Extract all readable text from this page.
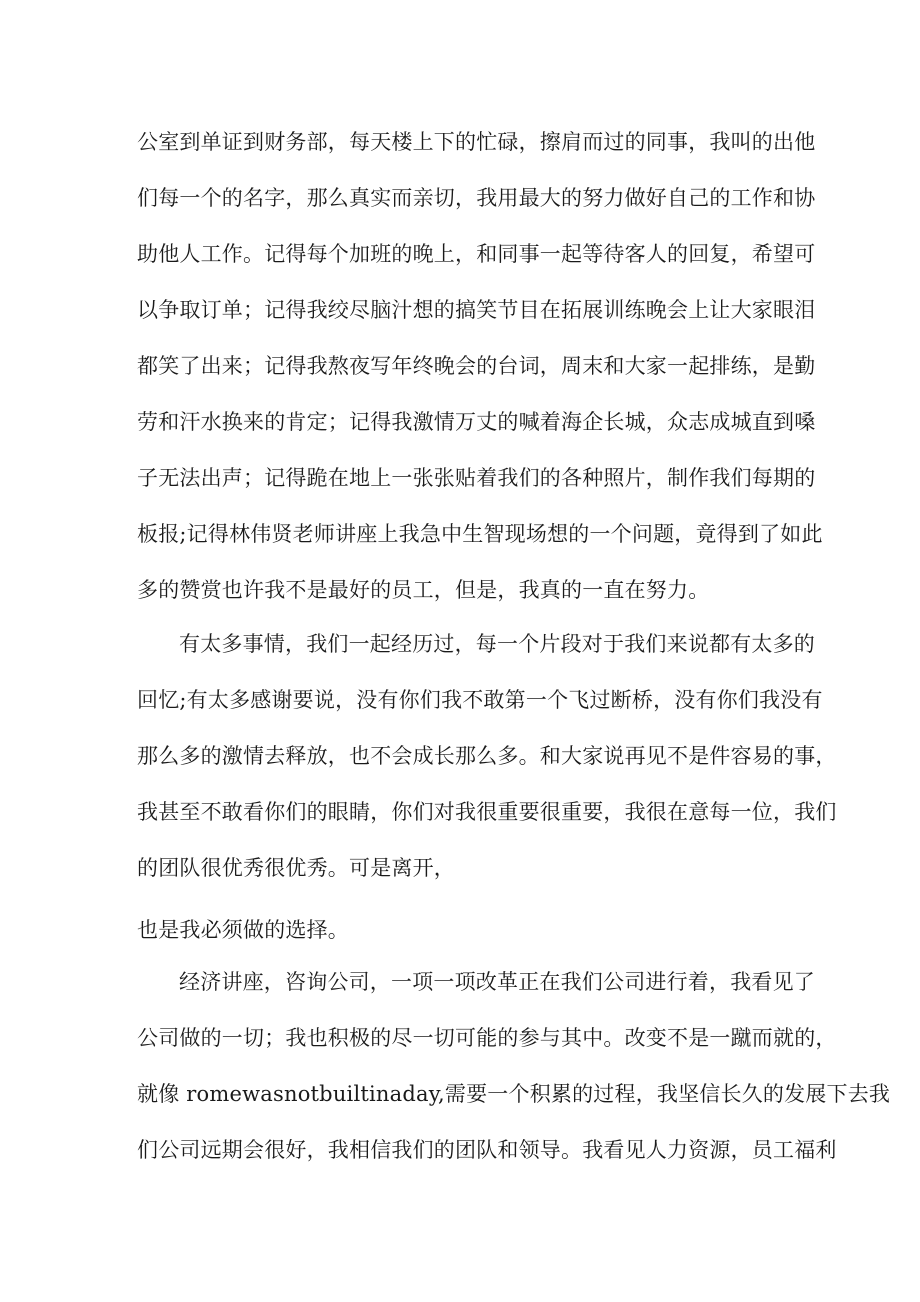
公室到单证到财务部，每天楼上下的忙碌，擦肩而过的同事，我叫的出他
们每一个的名字，那么真实而亲切，我用最大的努力做好自己的工作和协
助他人工作。记得每个加班的晚上，和同事一起等待客人的回复，希望可
以争取订单；记得我绞尽脑汁想的搞笑节目在拓展训练晚会上让大家眼泪
都笑了出来；记得我熬夜写年终晚会的台词，周末和大家一起排练，是勤
劳和汗水换来的肯定；记得我激情万丈的喊着海企长城，众志成城直到嗓
子无法出声；记得跪在地上一张张贴着我们的各种照片，制作我们每期的
板报;记得林伟贤老师讲座上我急中生智现场想的一个问题，竟得到了如此
多的赞赏也许我不是最好的员工，但是，我真的一直在努力。
有太多事情，我们一起经历过，每一个片段对于我们来说都有太多的
回忆;有太多感谢要说，没有你们我不敢第一个飞过断桥，没有你们我没有
那么多的激情去释放，也不会成长那么多。和大家说再见不是件容易的事，
我甚至不敢看你们的眼睛，你们对我很重要很重要，我很在意每一位，我们
的团队很优秀很优秀。可是离开，
也是我必须做的选择。
经济讲座，咨询公司，一项一项改革正在我们公司进行着，我看见了
公司做的一切；我也积极的尽一切可能的参与其中。改变不是一蹴而就的，
就像 romewasnotbuiltinaday,需要一个积累的过程，我坚信长久的发展下去我
们公司远期会很好，我相信我们的团队和领导。我看见人力资源，员工福利
